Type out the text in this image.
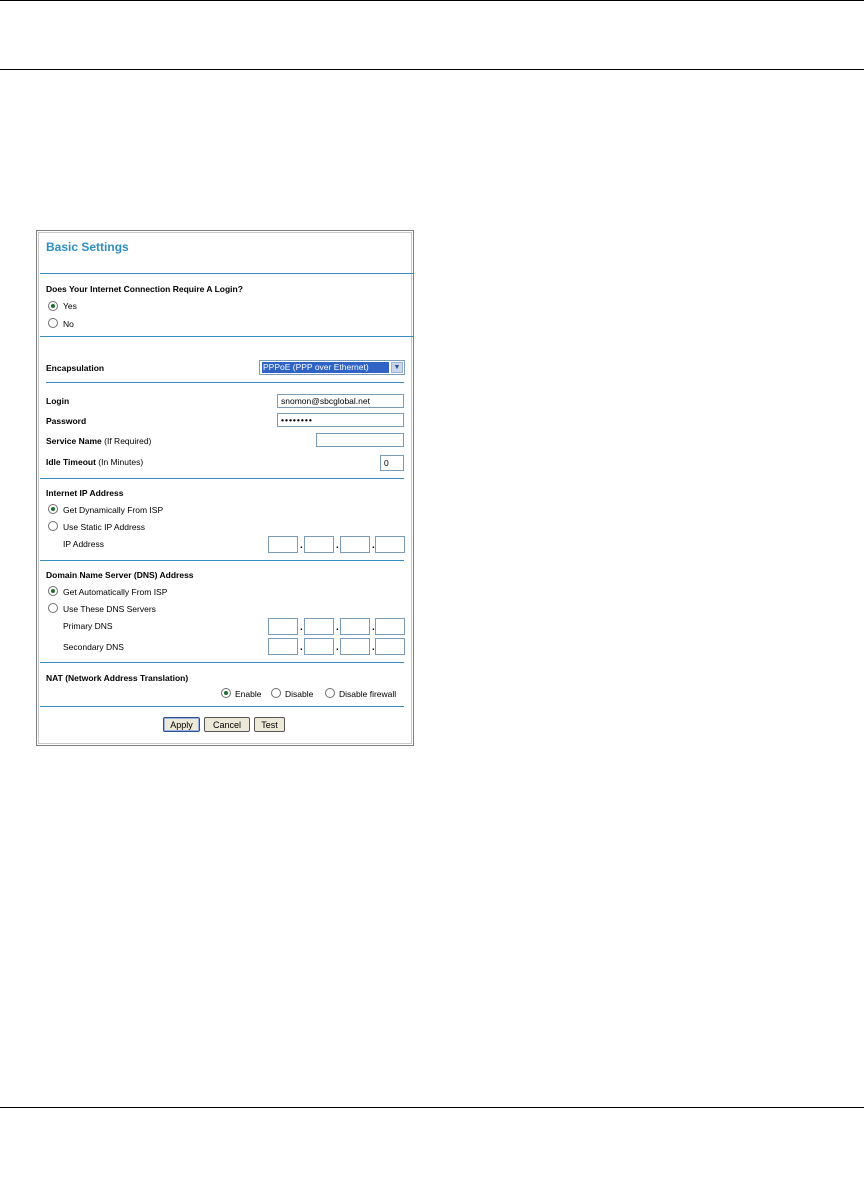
Basic Settings
Does Your Internet Connection Require A Login?
Yes
No
Encapsulation	PPPoE (PPP over Ethernet)	▼
Login	snomon@sbcglobal.net
Password	••••••••
Service Name (If Required)
Idle Timeout (In Minutes)	0
Internet IP Address
Get Dynamically From ISP
Use Static IP Address
IP Address	.	.	.
Domain Name Server (DNS) Address
Get Automatically From ISP
Use These DNS Servers
Primary DNS	.	.	.
Secondary DNS	.	.	.
NAT (Network Address Translation)
Enable	Disable	Disable firewall
Apply	Cancel	Test
